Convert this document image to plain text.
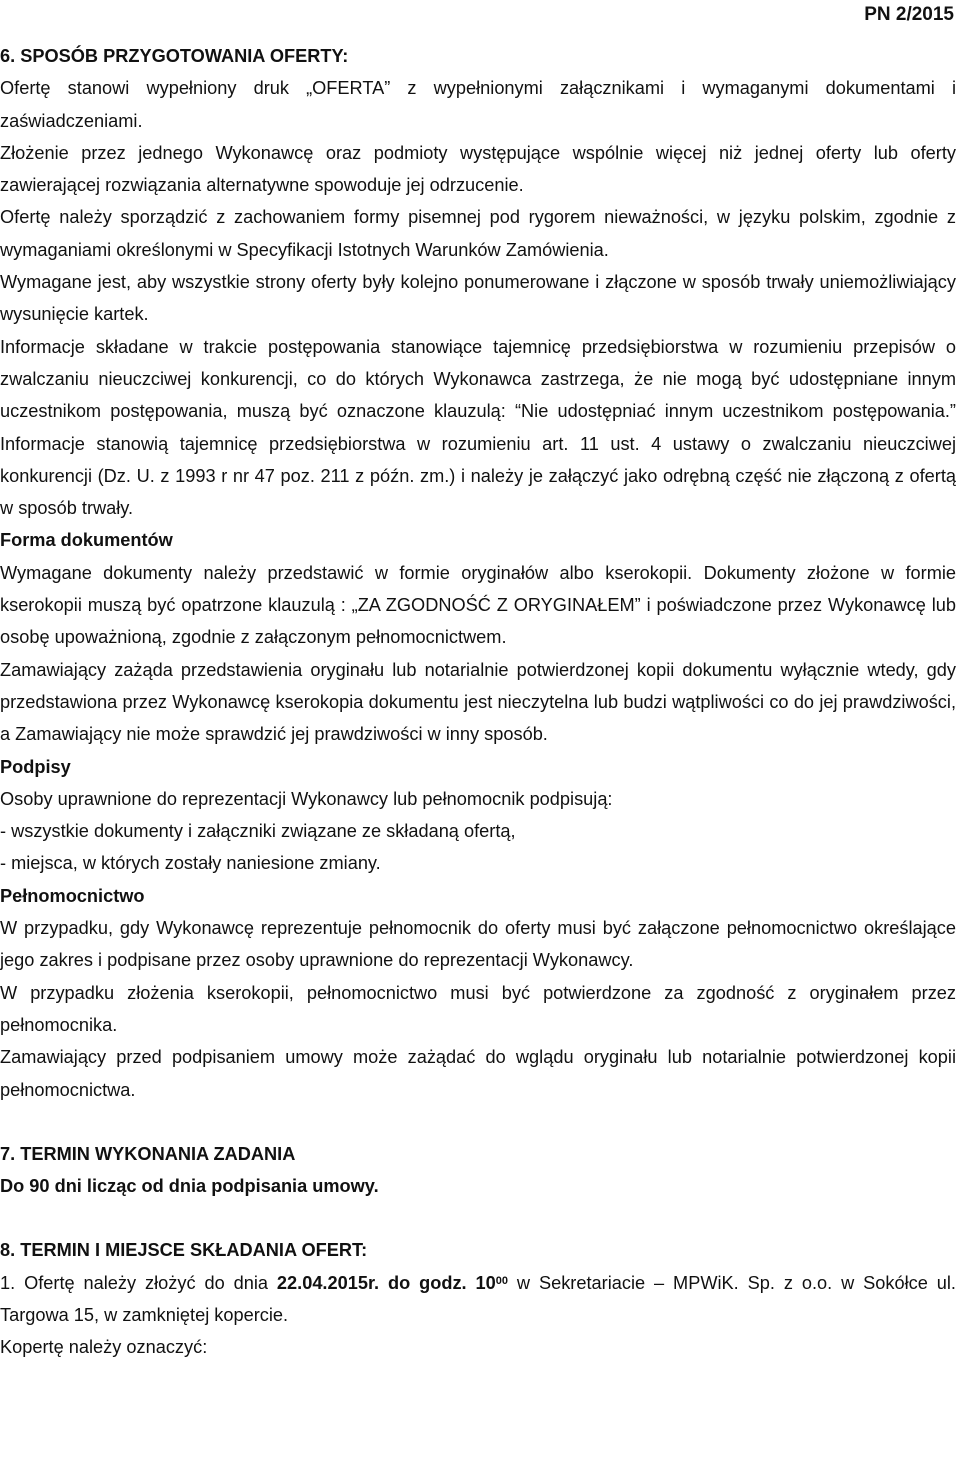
PN 2/2015

6. SPOSÓB PRZYGOTOWANIA OFERTY:

Ofertę stanowi wypełniony druk „OFERTA” z wypełnionymi załącznikami i wymaganymi dokumentami i zaświadczeniami.

Złożenie przez jednego Wykonawcę oraz podmioty występujące wspólnie więcej niż jednej oferty lub oferty zawierającej rozwiązania alternatywne spowoduje jej odrzucenie.

Ofertę należy sporządzić z zachowaniem formy pisemnej pod rygorem nieważności, w języku polskim, zgodnie z wymaganiami określonymi w Specyfikacji Istotnych Warunków Zamówienia.

Wymagane jest, aby wszystkie strony oferty były kolejno ponumerowane i złączone w sposób trwały uniemożliwiający wysunięcie kartek.

Informacje składane w trakcie postępowania stanowiące tajemnicę przedsiębiorstwa w rozumieniu przepisów o zwalczaniu nieuczciwej konkurencji, co do których Wykonawca zastrzega, że nie mogą być udostępniane innym uczestnikom postępowania, muszą być oznaczone klauzulą: “Nie udostępniać innym uczestnikom postępowania.” Informacje stanowią tajemnicę przedsiębiorstwa w rozumieniu art. 11 ust. 4 ustawy o zwalczaniu nieuczciwej konkurencji (Dz. U. z 1993 r nr 47 poz. 211 z późn. zm.) i należy je załączyć jako odrębną część nie złączoną z ofertą w sposób trwały.

Forma dokumentów

Wymagane dokumenty należy przedstawić w formie oryginałów albo kserokopii. Dokumenty złożone w formie kserokopii muszą być opatrzone klauzulą : „ZA ZGODNOŚĆ Z ORYGINAŁEM” i poświadczone przez Wykonawcę lub osobę upoważnioną, zgodnie z załączonym pełnomocnictwem.

Zamawiający zażąda przedstawienia oryginału lub notarialnie potwierdzonej kopii dokumentu wyłącznie wtedy, gdy przedstawiona przez Wykonawcę kserokopia dokumentu jest nieczytelna lub budzi wątpliwości co do jej prawdziwości, a Zamawiający nie może sprawdzić jej prawdziwości w inny sposób.

Podpisy

Osoby uprawnione do reprezentacji Wykonawcy lub pełnomocnik podpisują:

- wszystkie dokumenty i załączniki związane ze składaną ofertą,

- miejsca, w których zostały naniesione zmiany.

Pełnomocnictwo

W przypadku, gdy Wykonawcę reprezentuje pełnomocnik do oferty musi być załączone pełnomocnictwo określające jego zakres i podpisane przez osoby uprawnione do reprezentacji Wykonawcy.

W przypadku złożenia kserokopii, pełnomocnictwo musi być potwierdzone za zgodność z oryginałem przez pełnomocnika.

Zamawiający przed podpisaniem umowy może zażądać do wglądu oryginału lub notarialnie potwierdzonej kopii pełnomocnictwa.

7. TERMIN WYKONANIA ZADANIA

Do 90 dni licząc od dnia podpisania umowy.

8. TERMIN I MIEJSCE SKŁADANIA OFERT:

1. Ofertę należy złożyć do dnia 22.04.2015r. do godz. $10^{00}$ w Sekretariacie – MPWiK. Sp. z o.o. w Sokółce ul. Targowa 15, w zamkniętej kopercie.

Kopertę należy oznaczyć:
